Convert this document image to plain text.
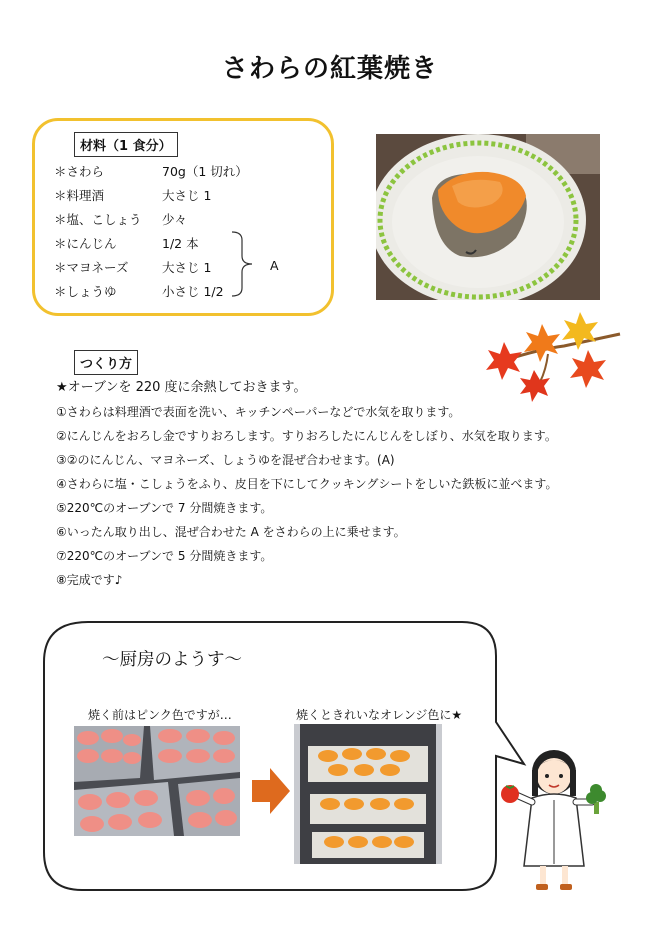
さわらの紅葉焼き
材料（1 食分）
＊さわら	70g（1 切れ）
＊料理酒	大さじ 1
＊塩、こしょう 少々
＊にんじん	1/2 本
＊マヨネーズ	大さじ 1
＊しょうゆ	小さじ 1/2
A
つくり方
★オーブンを 220 度に余熱しておきます。
①さわらは料理酒で表面を洗い、キッチンペーパーなどで水気を取ります。
②にんじんをおろし金ですりおろします。すりおろしたにんじんをしぼり、水気を取ります。
③②のにんじん、マヨネーズ、しょうゆを混ぜ合わせます。(A)
④さわらに塩・こしょうをふり、皮目を下にしてクッキングシートをしいた鉄板に並べます。
⑤220℃のオーブンで 7 分間焼きます。
⑥いったん取り出し、混ぜ合わせた A をさわらの上に乗せます。
⑦220℃のオーブンで 5 分間焼きます。
⑧完成です♪
～厨房のようす～
焼く前はピンク色ですが…	焼くときれいなオレンジ色に★
